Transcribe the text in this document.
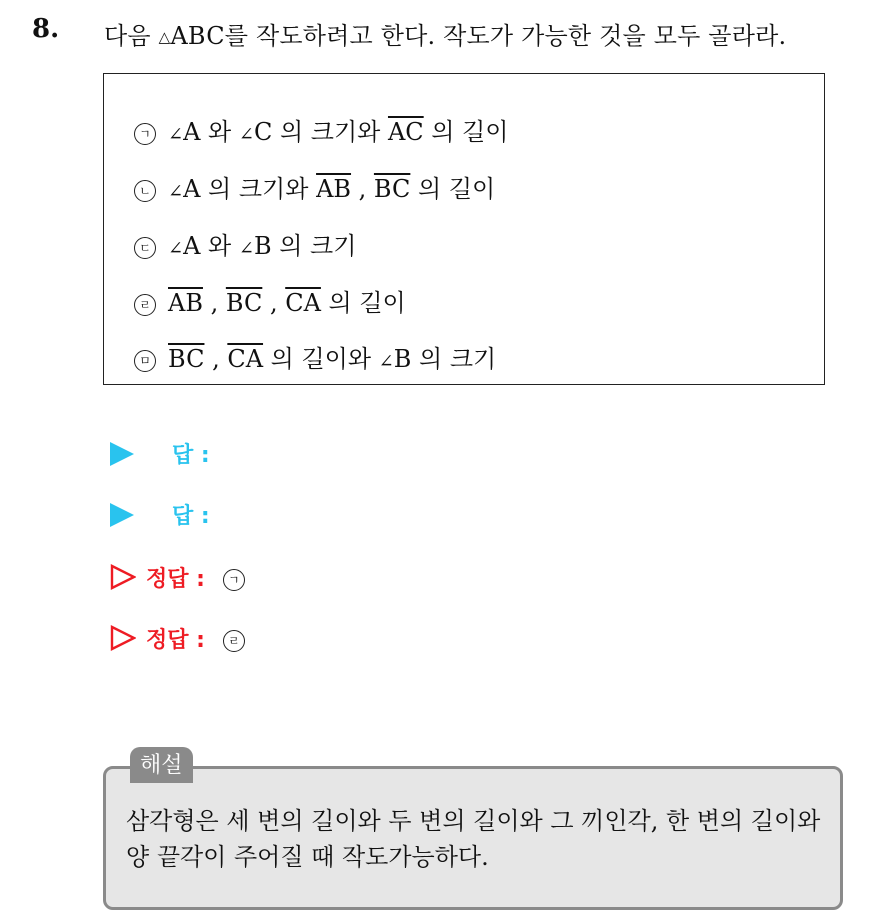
8. 다음 △ABC를 작도하려고 한다. 작도가 가능한 것을 모두 골라라.
ㄱ ∠A 와 ∠C 의 크기와 $\overline{AC}$ 의 길이
ㄴ ∠A 의 크기와 $\overline{AB}$ , $\overline{BC}$ 의 길이
ㄷ ∠A 와 ∠B 의 크기
ㄹ $\overline{AB}$ , $\overline{BC}$ , $\overline{CA}$ 의 길이
ㅁ $\overline{BC}$ , $\overline{CA}$ 의 길이와 ∠B 의 크기
답 :
답 :
정답 : ㄱ
정답 : ㄹ
삼각형은 세 변의 길이와 두 변의 길이와 그 끼인각, 한 변의 길이와 양 끝각이 주어질 때 작도가능하다.
해설
